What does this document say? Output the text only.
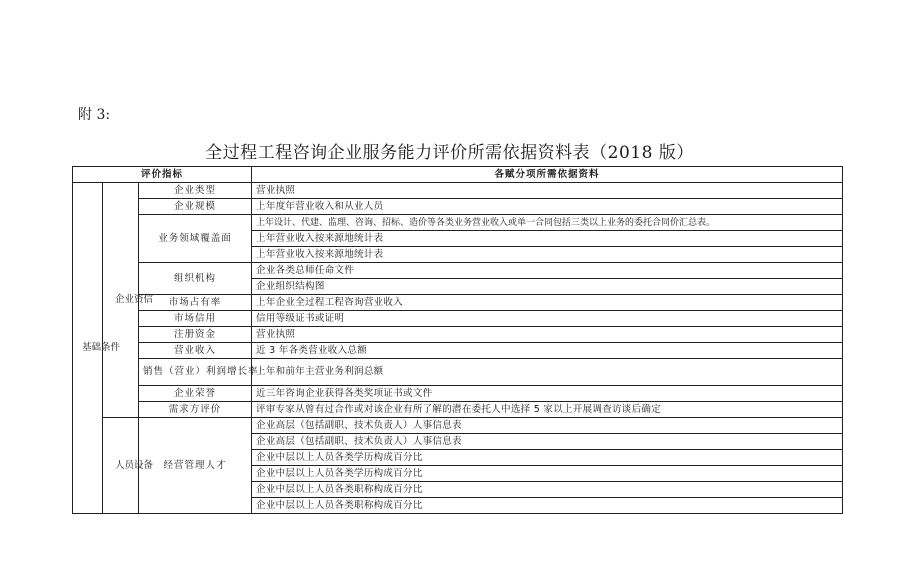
附 3:
全过程工程咨询企业服务能力评价所需依据资料表（2018 版）
评价指标			各赋分项所需依据资料
基础条件	企业资信	企业类型	营业执照
		企业规模	上年度年营业收入和从业人员
		业务领域覆盖面	上年设计、代建、监理、咨询、招标、造价等各类业务营业收入或单一合同包括三类以上业务的委托合同价汇总表。
			上年营业收入按来源地统计表
			上年营业收入按来源地统计表
		组织机构	企业各类总师任命文件
			企业组织结构图
		市场占有率	上年企业全过程工程咨询营业收入
		市场信用	信用等级证书或证明
		注册资金	营业执照
		营业收入	近 3 年各类营业收入总额
		销售（营业）利润增长率	上年和前年主营业务利润总额
		企业荣誉	近三年咨询企业获得各类奖项证书或文件
		需求方评价	评审专家从曾有过合作或对该企业有所了解的潜在委托人中选择 5 家以上开展调查访谈后确定
	人员设备	经营管理人才	企业高层（包括副职、技术负责人）人事信息表
			企业高层（包括副职、技术负责人）人事信息表
			企业中层以上人员各类学历构成百分比
			企业中层以上人员各类学历构成百分比
			企业中层以上人员各类职称构成百分比
			企业中层以上人员各类职称构成百分比
